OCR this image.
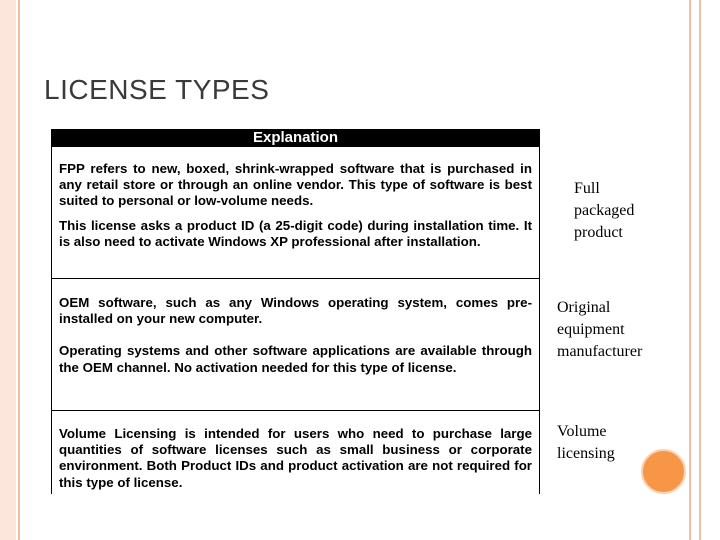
LICENSE TYPES
Explanation

FPP refers to new, boxed, shrink-wrapped software that is purchased in any retail store or through an online vendor. This type of software is best suited to personal or low-volume needs.

This license asks a product ID (a 25-digit code) during installation time. It is also need to activate Windows XP professional after installation.

OEM software, such as any Windows operating system, comes pre-installed on your new computer.

Operating systems and other software applications are available through the OEM channel. No activation needed for this type of license.

Volume Licensing is intended for users who need to purchase large quantities of software licenses such as small business or corporate environment. Both Product IDs and product activation are not required for this type of license.

Full
packaged
product
Original
equipment
manufacturer
Volume
licensing
